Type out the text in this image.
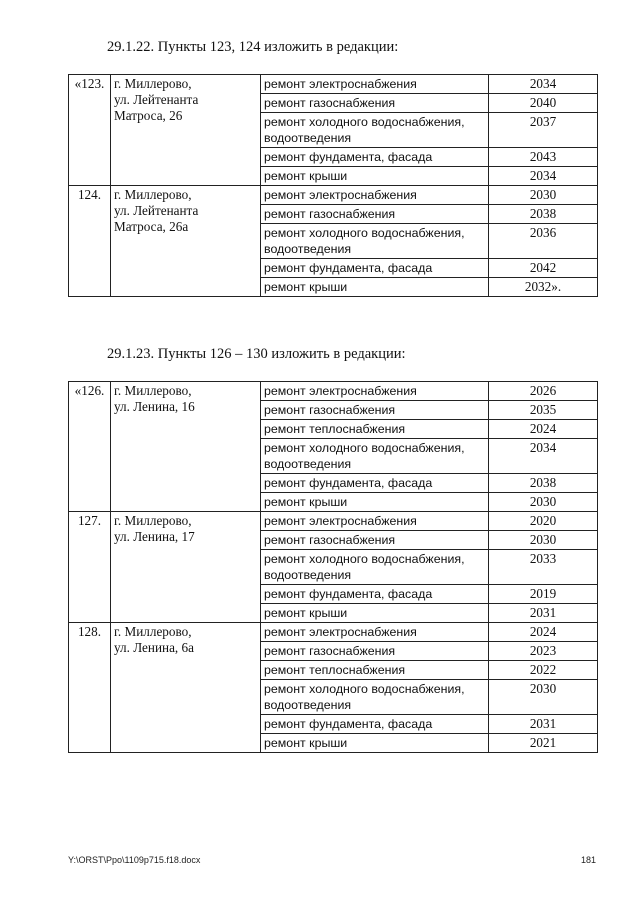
29.1.22. Пункты 123, 124 изложить в редакции:
«123.	г. Миллерово,
ул. Лейтенанта
Матроса, 26	ремонт электроснабжения	2034
		ремонт газоснабжения	2040
		ремонт холодного водоснабжения, водоотведения	2037
		ремонт фундамента, фасада	2043
		ремонт крыши	2034
124.	г. Миллерово,
ул. Лейтенанта
Матроса, 26а	ремонт электроснабжения	2030
		ремонт газоснабжения	2038
		ремонт холодного водоснабжения, водоотведения	2036
		ремонт фундамента, фасада	2042
		ремонт крыши	2032».
29.1.23. Пункты 126 – 130 изложить в редакции:
«126.	г. Миллерово,
ул. Ленина, 16	ремонт электроснабжения	2026
		ремонт газоснабжения	2035
		ремонт теплоснабжения	2024
		ремонт холодного водоснабжения, водоотведения	2034
		ремонт фундамента, фасада	2038
		ремонт крыши	2030
127.	г. Миллерово,
ул. Ленина, 17	ремонт электроснабжения	2020
		ремонт газоснабжения	2030
		ремонт холодного водоснабжения, водоотведения	2033
		ремонт фундамента, фасада	2019
		ремонт крыши	2031
128.	г. Миллерово,
ул. Ленина, 6а	ремонт электроснабжения	2024
		ремонт газоснабжения	2023
		ремонт теплоснабжения	2022
		ремонт холодного водоснабжения, водоотведения	2030
		ремонт фундамента, фасада	2031
		ремонт крыши	2021
Y:\ORST\Ppo\1109p715.f18.docx	181
